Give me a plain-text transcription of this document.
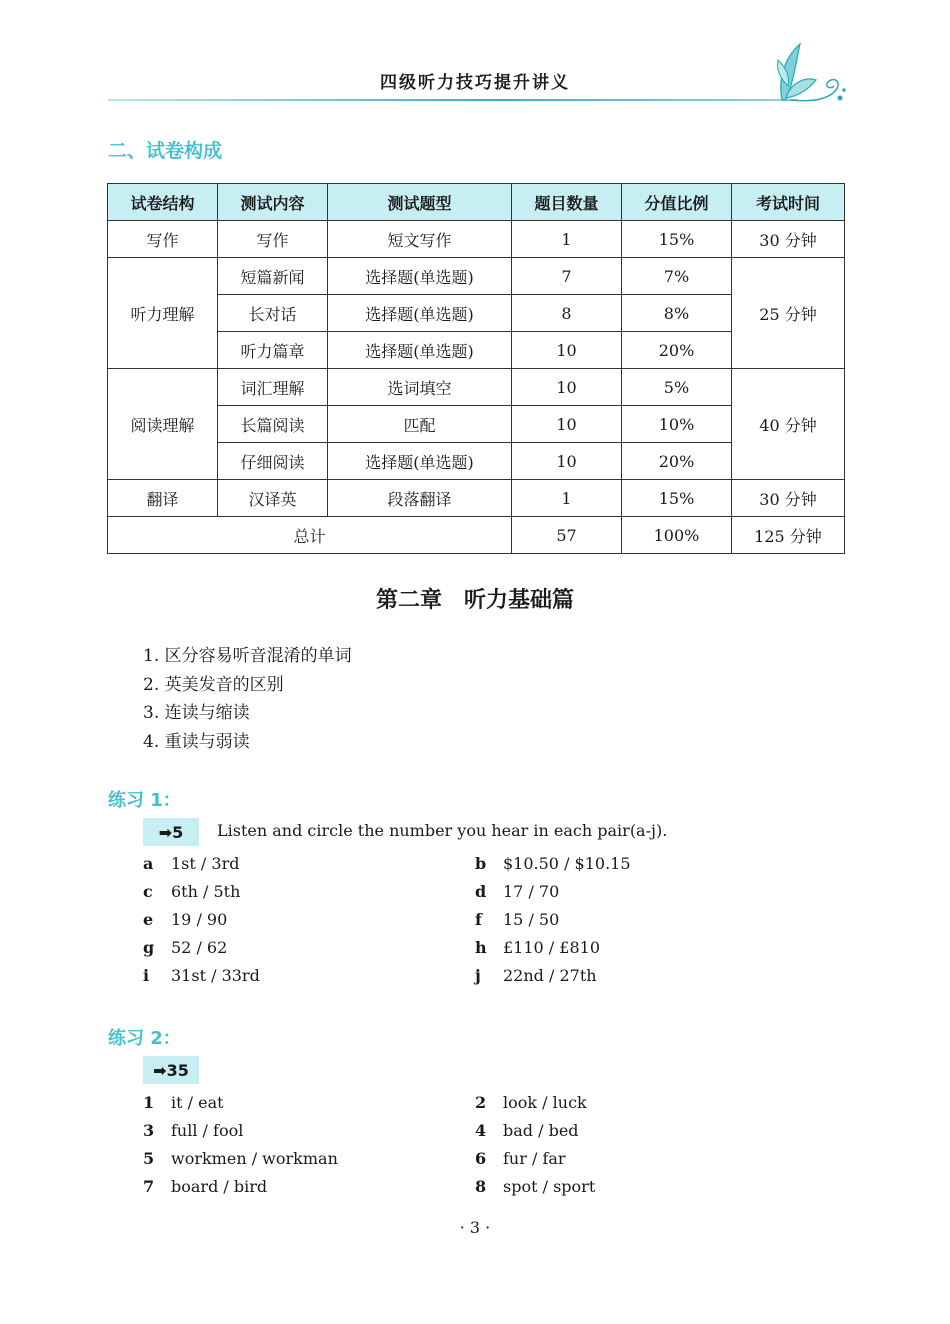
四级听力技巧提升讲义
二、试卷构成
试卷结构	测试内容	测试题型	题目数量	分值比例	考试时间
写作	写作	短文写作	1	15%	30 分钟
听力理解	短篇新闻	选择题(单选题)	7	7%	25 分钟
	长对话	选择题(单选题)	8	8%	
	听力篇章	选择题(单选题)	10	20%	
阅读理解	词汇理解	选词填空	10	5%	40 分钟
	长篇阅读	匹配	10	10%	
	仔细阅读	选择题(单选题)	10	20%	
翻译	汉译英	段落翻译	1	15%	30 分钟
总计			57	100%	125 分钟
第二章　听力基础篇
1. 区分容易听音混淆的单词
2. 英美发音的区别
3. 连读与缩读
4. 重读与弱读
练习 1：
➡5	Listen and circle the number you hear in each pair(a-j).
a 1st / 3rd	b $10.50 / $10.15
c 6th / 5th	d 17 / 70
e 19 / 90	f 15 / 50
g 52 / 62	h £110 / £810
i 31st / 33rd	j 22nd / 27th
练习 2：
➡35
1 it / eat	2 look / luck
3 full / fool	4 bad / bed
5 workmen / workman	6 fur / far
7 board / bird	8 spot / sport
· 3 ·
